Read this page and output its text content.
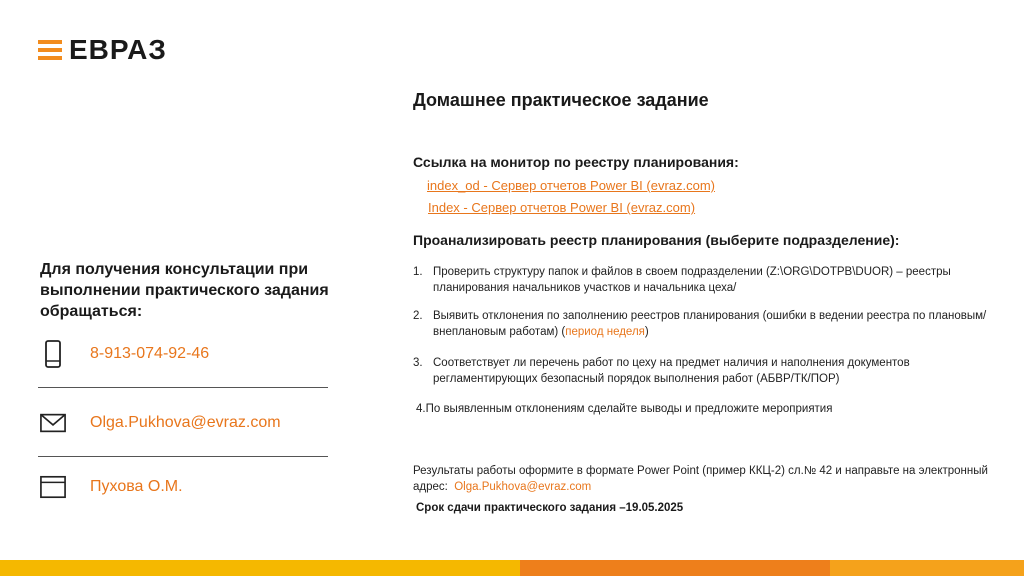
ЕВРАЗ
Для получения консультации при выполнении практического задания обращаться:
8-913-074-92-46
Olga.Pukhova@evraz.com
Пухова О.М.
Домашнее практическое задание
Ссылка на монитор по реестру планирования:
index_od - Сервер отчетов Power BI (evraz.com)
Index - Сервер отчетов Power BI (evraz.com)
Проанализировать реестр планирования (выберите подразделение):
1. Проверить структуру папок и файлов в своем подразделении (Z:\ORG\DOTPB\DUOR) – реестры планирования начальников участков и начальника цеха/
2. Выявить отклонения по заполнению реестров планирования (ошибки в ведении реестра по плановым/внеплановым работам) (период неделя)
3. Соответствует ли перечень работ по цеху на предмет наличия и наполнения документов регламентирующих безопасный порядок выполнения работ (АБВР/ТК/ПОР)
4.По выявленным отклонениям сделайте выводы и предложите мероприятия
Результаты работы оформите в формате Power Point (пример ККЦ-2) сл.№ 42 и направьте на электронный адрес: Olga.Pukhova@evraz.com
Срок сдачи практического задания –19.05.2025
